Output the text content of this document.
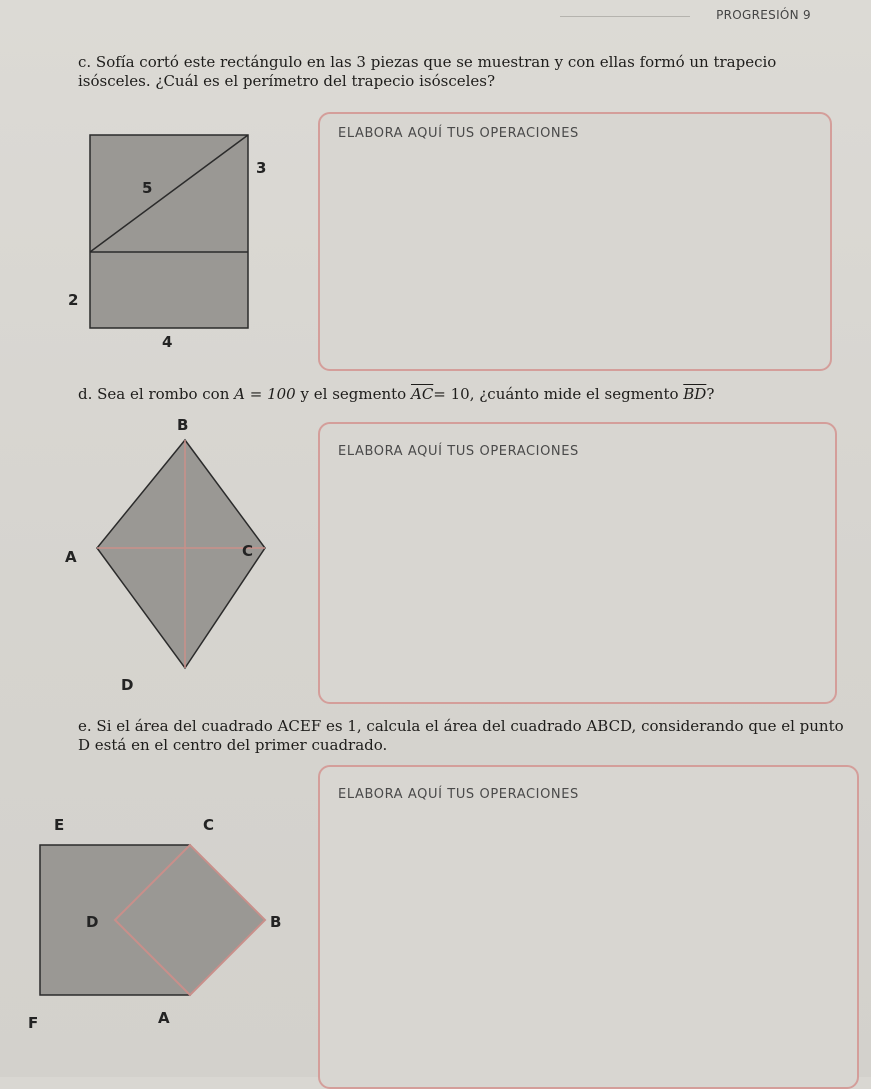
PROGRESIÓN 9
c. Sofía cortó este rectángulo en las 3 piezas que se muestran y con ellas formó un trapecio isósceles. ¿Cuál es el perímetro del trapecio isósceles?
5
3
2
4
ELABORA AQUÍ TUS OPERACIONES
d. Sea el rombo con A = 100 y el segmento $\overline{AC}= 10$, ¿cuánto mide el segmento $\overline{BD}$?
B
A	C
D
ELABORA AQUÍ TUS OPERACIONES
e. Si el área del cuadrado ACEF es 1, calcula el área del cuadrado ABCD, considerando que el punto D está en el centro del primer cuadrado.
E	C
D	B
F	A
ELABORA AQUÍ TUS OPERACIONES
